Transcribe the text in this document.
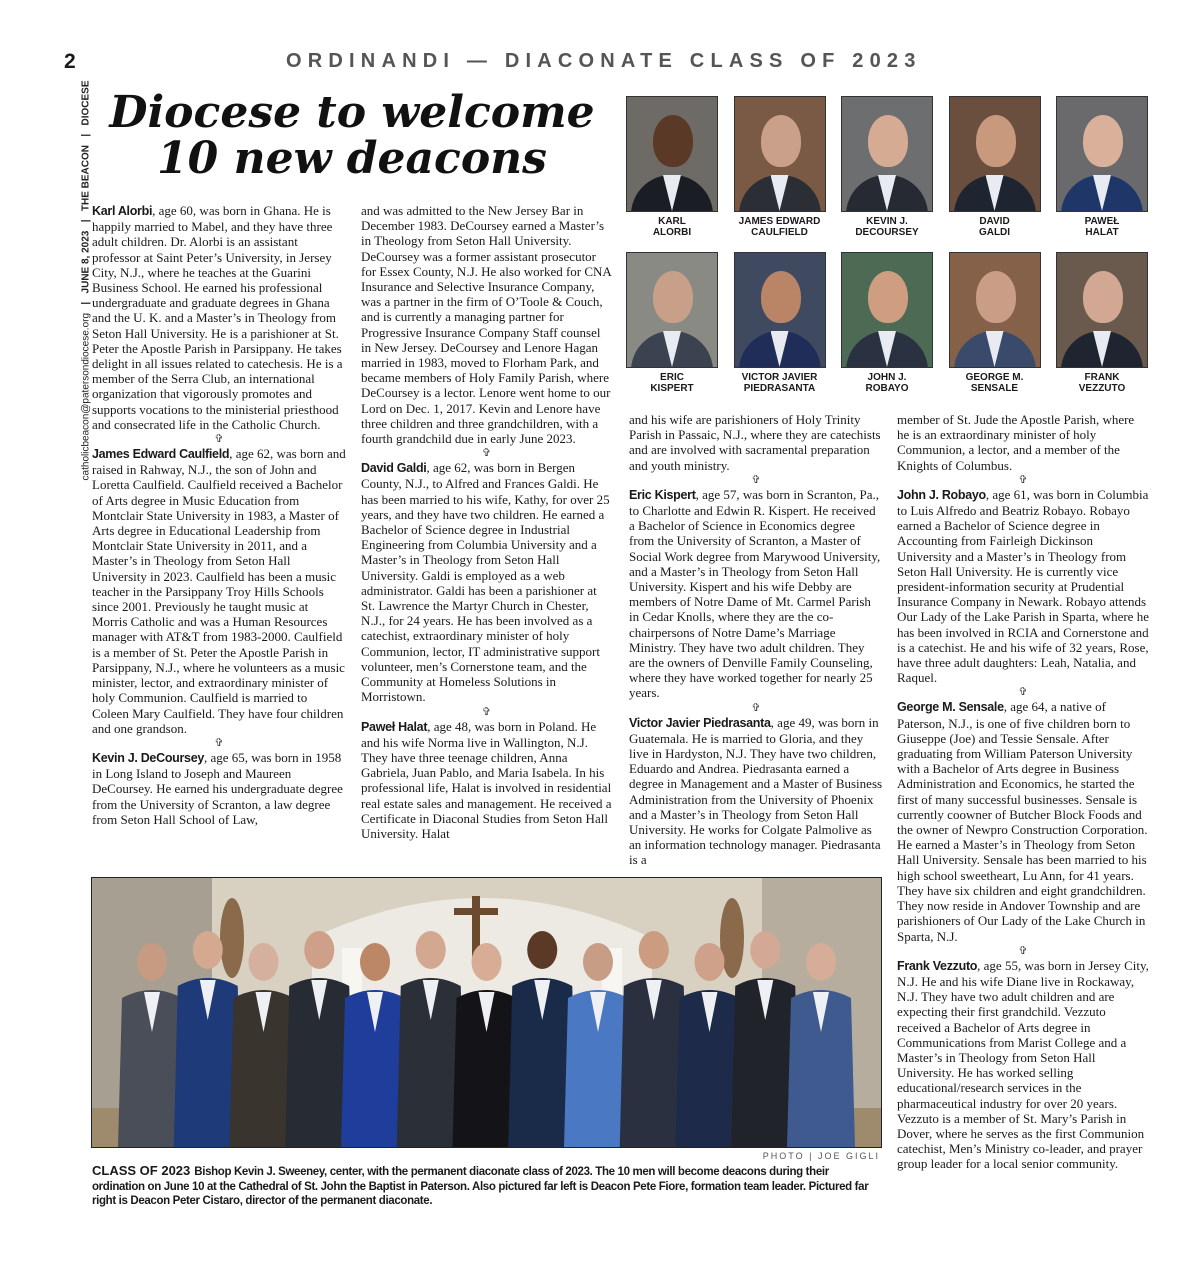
2	ORDINANDI — DIACONATE CLASS OF 2023
catholicbeacon@patersondiocese.org   |   JUNE 8, 2023   |   THE BEACON   |   DIOCESE Diocese to welcome
10 new deacons

Karl Alorbi, age 60, was born in Ghana. He is happily married to Mabel, and they have three adult children. Dr. Alorbi is an assistant professor at Saint Peter’s University, in Jersey City, N.J., where he teaches at the Guarini Business School. He earned his professional undergraduate and graduate degrees in Ghana and the U. K. and a Master’s in Theology from Seton Hall University. He is a parishioner at St. Peter the Apostle Parish in Parsippany. He takes delight in all issues related to catechesis. He is a member of the Serra Club, an international organization that vigorously promotes and supports vocations to the ministerial priesthood and consecrated life in the Catholic Church.

✞

James Edward Caulfield, age 62, was born and raised in Rahway, N.J., the son of John and Loretta Caulfield. Caulfield received a Bachelor of Arts degree in Music Education from Montclair State University in 1983, a Master of Arts degree in Educational Leadership from Montclair State University in 2011, and a Master’s in Theology from Seton Hall University in 2023. Caulfield has been a music teacher in the Parsippany Troy Hills Schools since 2001. Previously he taught music at Morris Catholic and was a Human Resources manager with AT&T from 1983-2000. Caulfield is a member of St. Peter the Apostle Parish in Parsippany, N.J., where he volunteers as a music minister, lector, and extraordinary minister of holy Communion. Caulfield is married to Coleen Mary Caulfield. They have four children and one grandson.

✞

Kevin J. DeCoursey, age 65, was born in 1958 in Long Island to Joseph and Maureen DeCoursey. He earned his undergraduate degree from the University of Scranton, a law degree from Seton Hall School of Law,

and was admitted to the New Jersey Bar in December 1983. DeCoursey earned a Master’s in Theology from Seton Hall University. DeCoursey was a former assistant prosecutor for Essex County, N.J. He also worked for CNA Insurance and Selective Insurance Company, was a partner in the firm of O’Toole & Couch, and is currently a managing partner for Progressive Insurance Company Staff counsel in New Jersey. DeCoursey and Lenore Hagan married in 1983, moved to Florham Park, and became members of Holy Family Parish, where DeCoursey is a lector. Lenore went home to our Lord on Dec. 1, 2017. Kevin and Lenore have three children and three grandchildren, with a fourth grandchild due in early June 2023.

✞

David Galdi, age 62, was born in Bergen County, N.J., to Alfred and Frances Galdi. He has been married to his wife, Kathy, for over 25 years, and they have two children. He earned a Bachelor of Science degree in Industrial Engineering from Columbia University and a Master’s in Theology from Seton Hall University. Galdi is employed as a web administrator. Galdi has been a parishioner at St. Lawrence the Martyr Church in Chester, N.J., for 24 years. He has been involved as a catechist, extraordinary minister of holy Communion, lector, IT administrative support volunteer, men’s Cornerstone team, and the Community at Homeless Solutions in Morristown.

✞

Paweł Halat, age 48, was born in Poland. He and his wife Norma live in Wallington, N.J. They have three teenage children, Anna Gabriela, Juan Pablo, and Maria Isabela. In his professional life, Halat is involved in residential real estate sales and management. He received a Certificate in Diaconal Studies from Seton Hall University. Halat

KARL
ALORBI
JAMES EDWARD
CAULFIELD
KEVIN J.
DECOURSEY
DAVID
GALDI
PAWEŁ
HALAT
ERIC
KISPERT
VICTOR JAVIER
PIEDRASANTA
JOHN J.
ROBAYO
GEORGE M.
SENSALE
FRANK
VEZZUTO

and his wife are parishioners of Holy Trinity Parish in Passaic, N.J., where they are catechists and are involved with sacramental preparation and youth ministry.

✞

Eric Kispert, age 57, was born in Scranton, Pa., to Charlotte and Edwin R. Kispert. He received a Bachelor of Science in Economics degree from the University of Scranton, a Master of Social Work degree from Marywood University, and a Master’s in Theology from Seton Hall University. Kispert and his wife Debby are members of Notre Dame of Mt. Carmel Parish in Cedar Knolls, where they are the co-chairpersons of Notre Dame’s Marriage Ministry. They have two adult children. They are the owners of Denville Family Counseling, where they have worked together for nearly 25 years.

✞

Victor Javier Piedrasanta, age 49, was born in Guatemala. He is married to Gloria, and they live in Hardyston, N.J. They have two children, Eduardo and Andrea. Piedrasanta earned a degree in Management and a Master of Business Administration from the University of Phoenix and a Master’s in Theology from Seton Hall University. He works for Colgate Palmolive as an information technology manager. Piedrasanta is a

member of St. Jude the Apostle Parish, where he is an extraordinary minister of holy Communion, a lector, and a member of the Knights of Columbus.

✞

John J. Robayo, age 61, was born in Columbia to Luis Alfredo and Beatriz Robayo. Robayo earned a Bachelor of Science degree in Accounting from Fairleigh Dickinson University and a Master’s in Theology from Seton Hall University. He is currently vice president-information security at Prudential Insurance Company in Newark. Robayo attends Our Lady of the Lake Parish in Sparta, where he has been involved in RCIA and Cornerstone and is a catechist. He and his wife of 32 years, Rose, have three adult daughters: Leah, Natalia, and Raquel.

✞

George M. Sensale, age 64, a native of Paterson, N.J., is one of five children born to Giuseppe (Joe) and Tessie Sensale. After graduating from William Paterson University with a Bachelor of Arts degree in Business Administration and Economics, he started the first of many successful businesses. Sensale is currently coowner of Butcher Block Foods and the owner of Newpro Construction Corporation. He earned a Master’s in Theology from Seton Hall University. Sensale has been married to his high school sweetheart, Lu Ann, for 41 years. They have six children and eight grandchildren. They now reside in Andover Township and are parishioners of Our Lady of the Lake Church in Sparta, N.J.

✞

Frank Vezzuto, age 55, was born in Jersey City, N.J. He and his wife Diane live in Rockaway, N.J. They have two adult children and are expecting their first grandchild. Vezzuto received a Bachelor of Arts degree in Communications from Marist College and a Master’s in Theology from Seton Hall University. He has worked selling educational/research services in the pharmaceutical industry for over 20 years. Vezzuto is a member of St. Mary’s Parish in Dover, where he serves as the first Communion catechist, Men’s Ministry co-leader, and prayer group leader for a local senior community.

PHOTO | JOE GIGLI
CLASS OF 2023 Bishop Kevin J. Sweeney, center, with the permanent diaconate class of 2023. The 10 men will become deacons during their ordination on June 10 at the Cathedral of St. John the Baptist in Paterson. Also pictured far left is Deacon Pete Fiore, formation team leader. Pictured far right is Deacon Peter Cistaro, director of the permanent diaconate.
